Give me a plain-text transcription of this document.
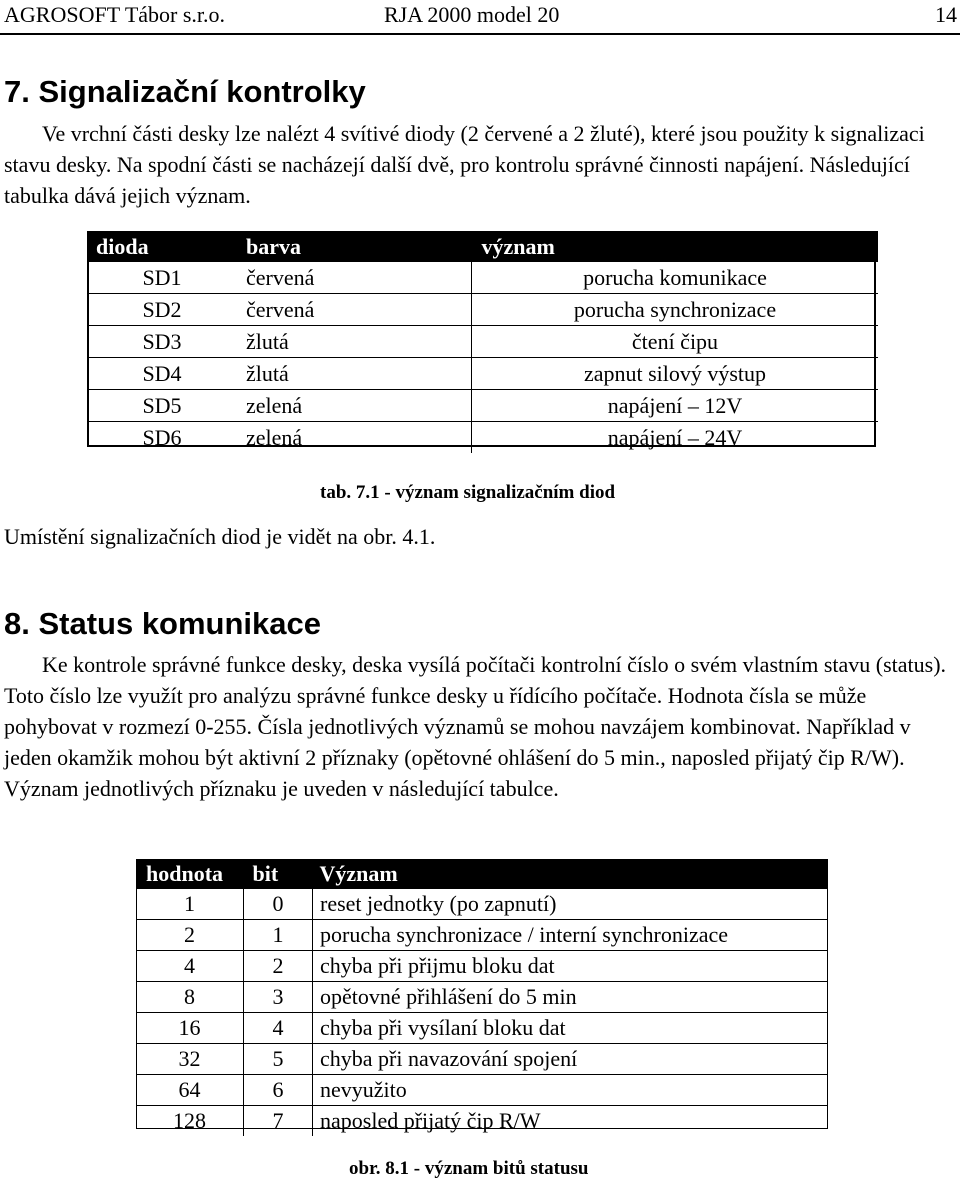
AGROSOFT Tábor s.r.o.	RJA 2000 model 20	14
7. Signalizační kontrolky
Ve vrchní části desky lze nalézt 4 svítivé diody (2 červené a 2 žluté), které jsou použity k signalizaci stavu desky. Na spodní části se nacházejí další dvě, pro kontrolu správné činnosti napájení. Následující tabulka dává jejich význam.
dioda	barva	význam
SD1	červená	porucha komunikace
SD2	červená	porucha synchronizace
SD3	žlutá	čtení čipu
SD4	žlutá	zapnut silový výstup
SD5	zelená	napájení – 12V
SD6	zelená	napájení – 24V
tab. 7.1 - význam signalizačním diod
Umístění signalizačních diod je vidět na obr. 4.1.
8. Status komunikace
Ke kontrole správné funkce desky, deska vysílá počítači kontrolní číslo o svém vlastním stavu (status). Toto číslo lze využít pro analýzu správné funkce desky u řídícího počítače. Hodnota čísla se může pohybovat v rozmezí 0-255. Čísla jednotlivých významů se mohou navzájem kombinovat. Například v jeden okamžik mohou být aktivní 2 příznaky (opětovné ohlášení do 5 min., naposled přijatý čip R/W). Význam jednotlivých příznaku je uveden v následující tabulce.
hodnota	bit	Význam
1	0	reset jednotky (po zapnutí)
2	1	porucha synchronizace / interní synchronizace
4	2	chyba při přijmu bloku dat
8	3	opětovné přihlášení do 5 min
16	4	chyba při vysílaní bloku dat
32	5	chyba při navazování spojení
64	6	nevyužito
128	7	naposled přijatý čip R/W
obr. 8.1 - význam bitů statusu
